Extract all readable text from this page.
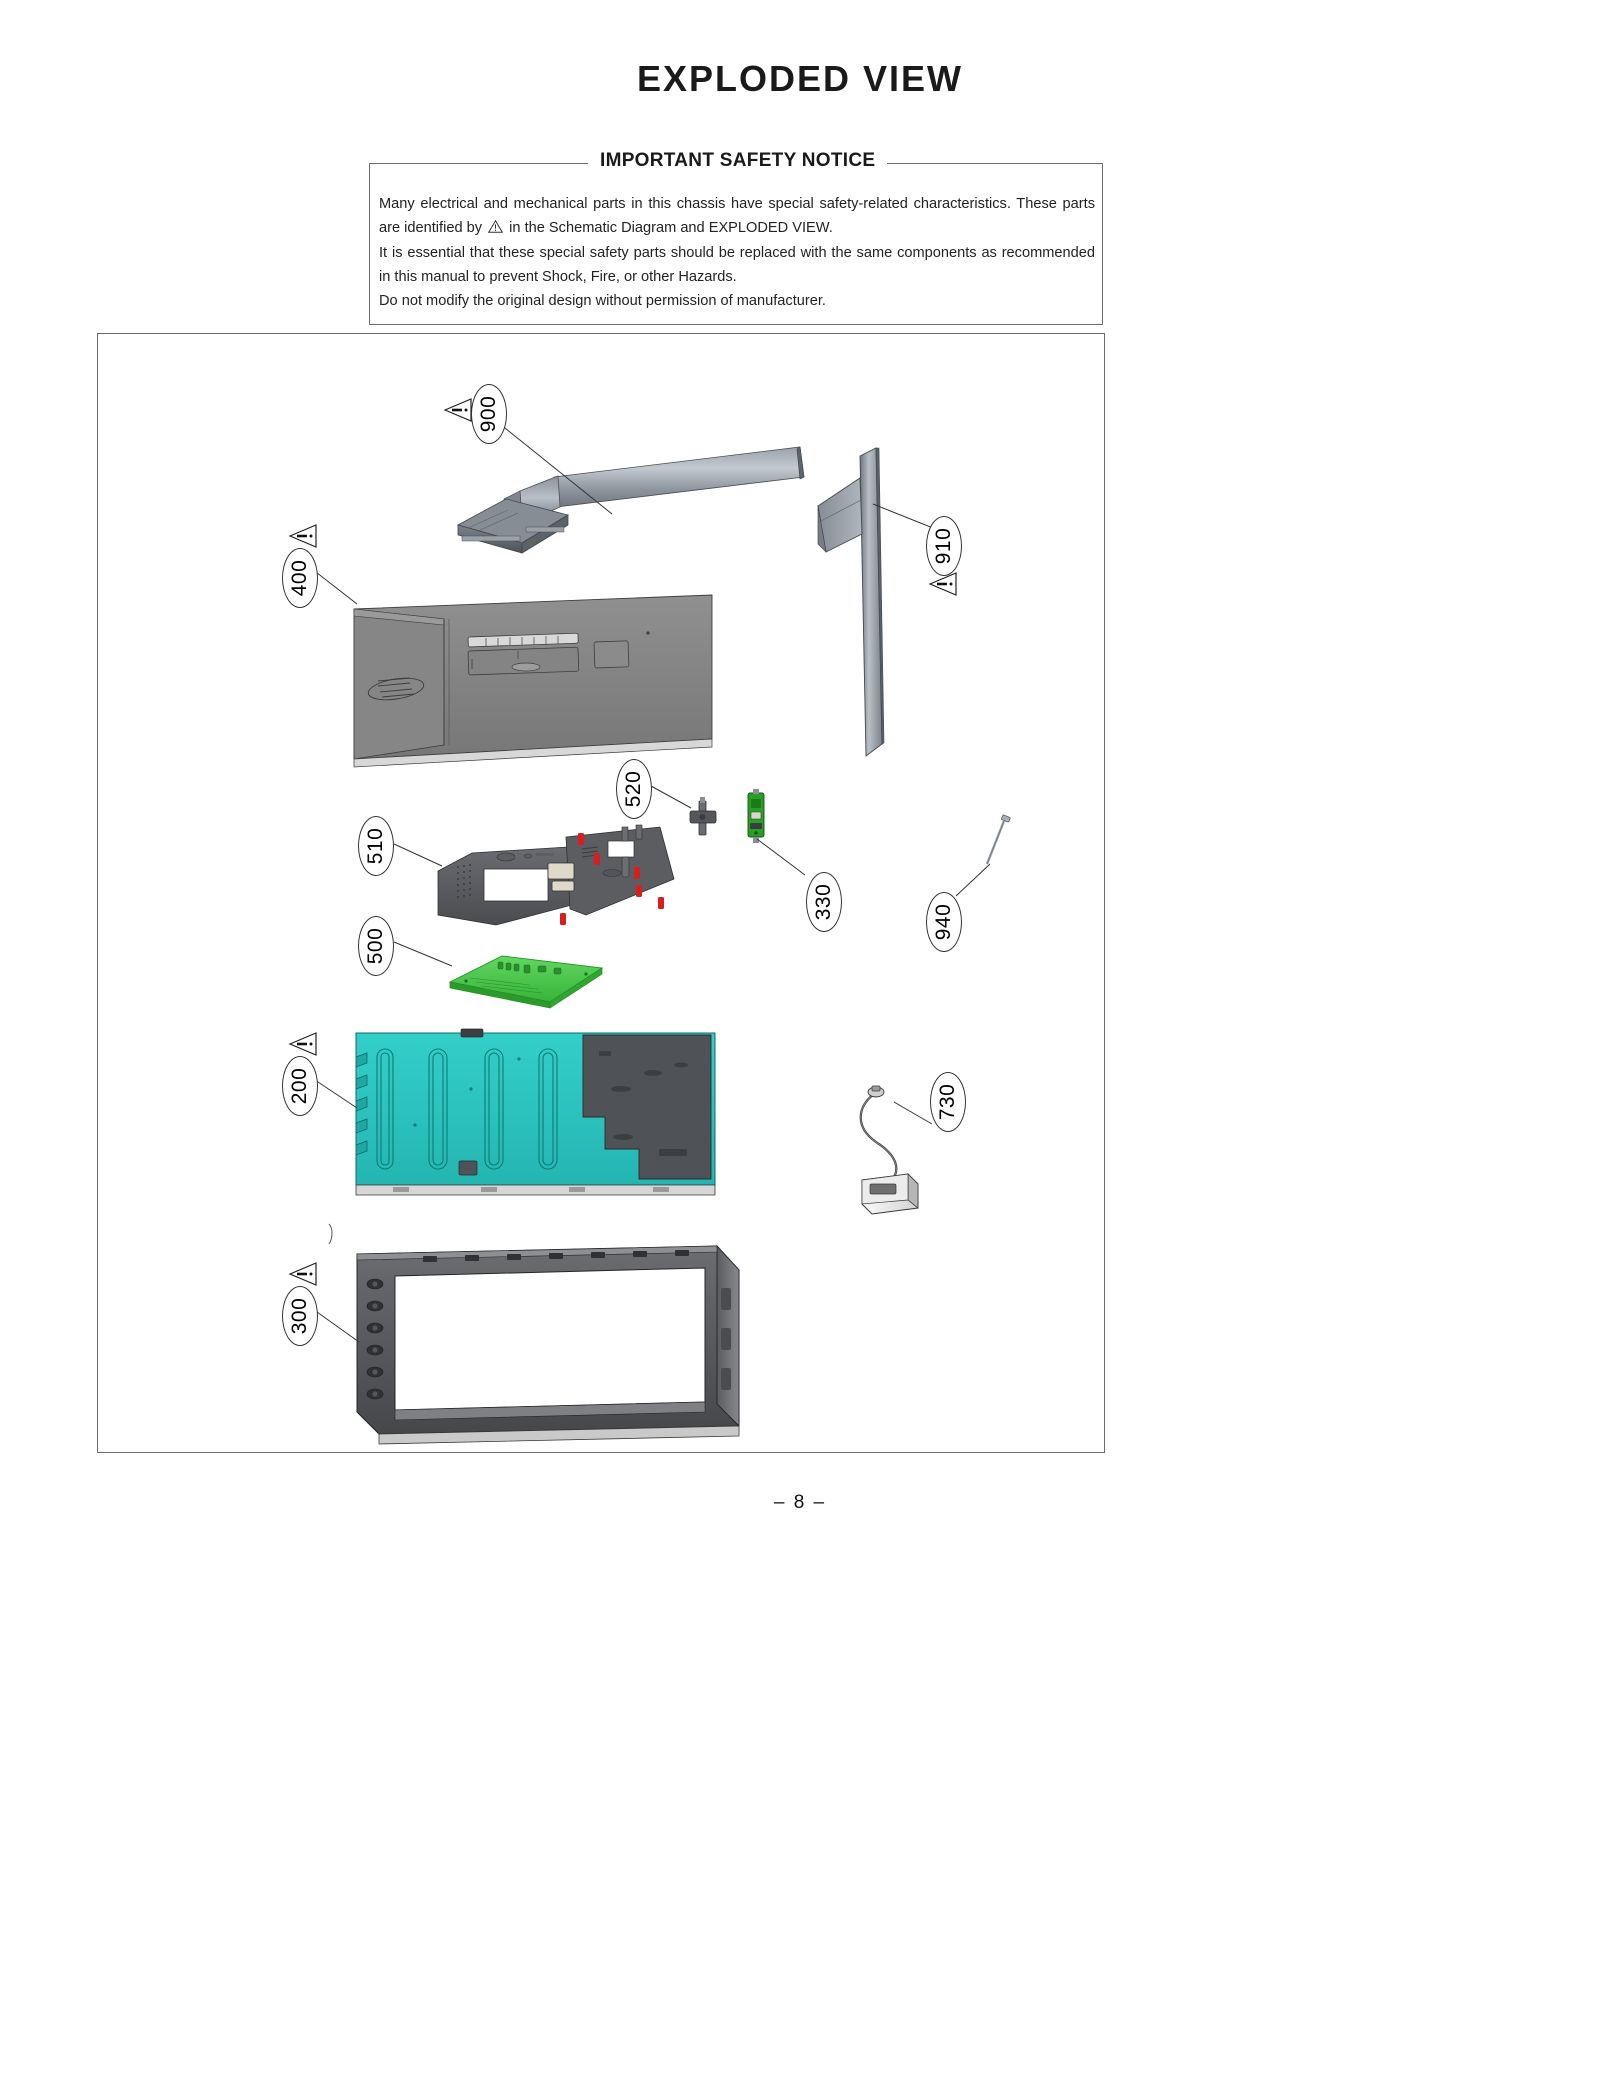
EXPLODED VIEW
IMPORTANT SAFETY NOTICE

Many electrical and mechanical parts in this chassis have special safety-related characteristics. These parts

are identified by in the Schematic Diagram and EXPLODED VIEW.

It is essential that these special safety parts should be replaced with the same components as recommended

in this manual to prevent Shock, Fire, or other Hazards.

Do not modify the original design without permission of manufacturer.

900
910
400
510
520
330
500
940
200	730
300
– 8 –
